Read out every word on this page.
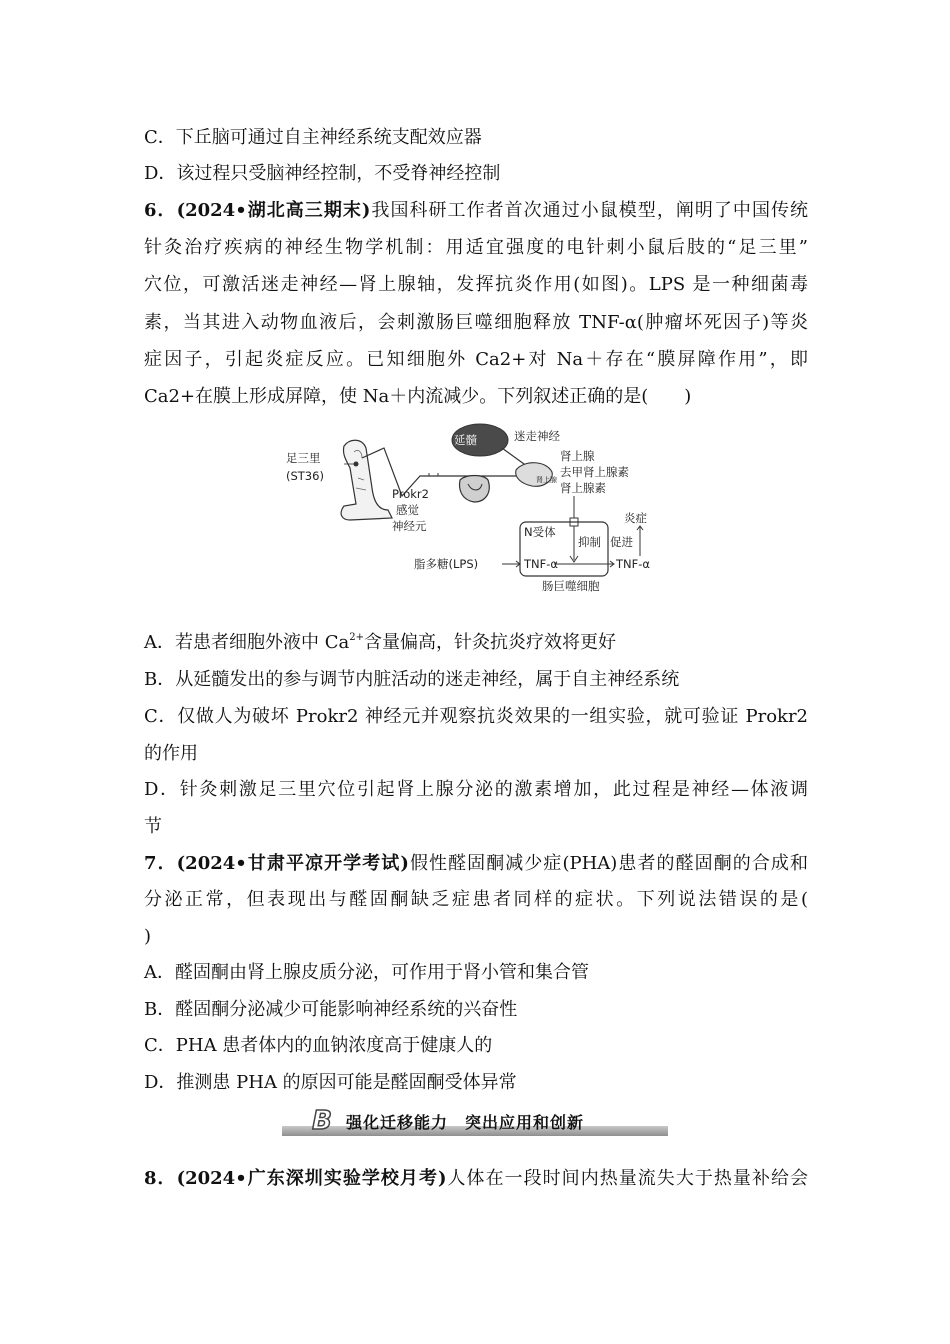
C．下丘脑可通过自主神经系统支配效应器
D．该过程只受脑神经控制，不受脊神经控制
6．(2024•湖北高三期末)我国科研工作者首次通过小鼠模型，阐明了中国传统
针灸治疗疾病的神经生物学机制：用适宜强度的电针刺小鼠后肢的“足三里”
穴位，可激活迷走神经—肾上腺轴，发挥抗炎作用(如图)。LPS 是一种细菌毒
素，当其进入动物血液后，会刺激肠巨噬细胞释放 TNF-α(肿瘤坏死因子)等炎
症因子，引起炎症反应。已知细胞外 Ca2+对 Na＋存在“膜屏障作用”，即
Ca2+在膜上形成屏障，使 Na＋内流减少。下列叙述正确的是(　　)
延髓	迷走神经
肾上腺
肾上腺
去甲肾上腺素
肾上腺素
足三里
(ST36)
Prokr2
感觉
神经元	N受体
抑制
TNF-α
肠巨噬细胞
脂多糖(LPS)	TNF-α
促进
炎症
A．若患者细胞外液中 $Ca^{2+}$含量偏高，针灸抗炎疗效将更好
B．从延髓发出的参与调节内脏活动的迷走神经，属于自主神经系统
C．仅做人为破坏 Prokr2 神经元并观察抗炎效果的一组实验，就可验证 Prokr2
的作用
D．针灸刺激足三里穴位引起肾上腺分泌的激素增加，此过程是神经—体液调
节
7．(2024•甘肃平凉开学考试)假性醛固酮减少症(PHA)患者的醛固酮的合成和
分泌正常，但表现出与醛固酮缺乏症患者同样的症状。下列说法错误的是(
)
A．醛固酮由肾上腺皮质分泌，可作用于肾小管和集合管
B．醛固酮分泌减少可能影响神经系统的兴奋性
C．PHA 患者体内的血钠浓度高于健康人的
D．推测患 PHA 的原因可能是醛固酮受体异常
B 强化迁移能力　突出应用和创新
8．(2024•广东深圳实验学校月考)人体在一段时间内热量流失大于热量补给会
